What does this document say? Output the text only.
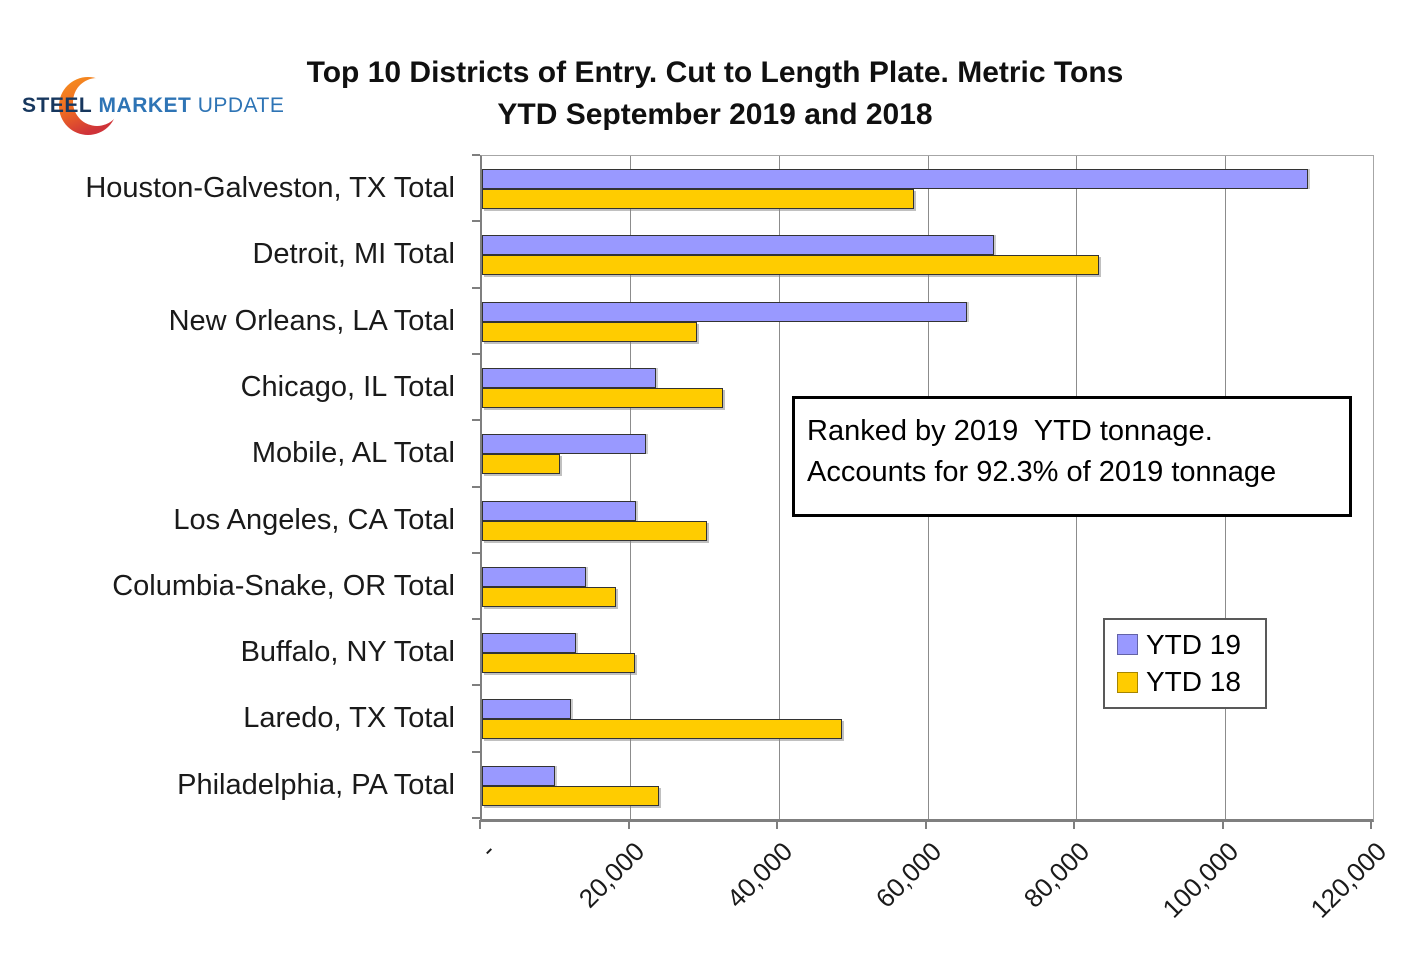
STEEL MARKET UPDATE
Top 10 Districts of Entry. Cut to Length Plate. Metric Tons
YTD September 2019 and 2018
Houston-Galveston, TX Total
Detroit, MI Total
New Orleans, LA Total
Chicago, IL Total
Mobile, AL Total
Los Angeles, CA Total
Columbia-Snake, OR Total
Buffalo, NY Total
Laredo, TX Total
Philadelphia, PA Total
-	20,000	40,000	60,000	80,000	100,000	120,000
Ranked by 2019  YTD tonnage.
Accounts for 92.3% of 2019 tonnage
YTD 19
YTD 18
